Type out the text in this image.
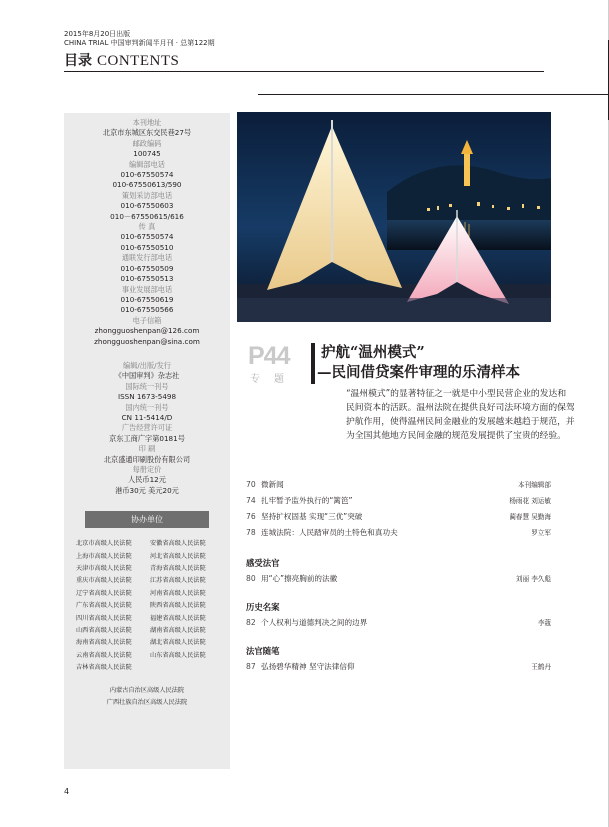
2015年8月20日出版
CHINA TRIAL 中国审判新闻半月刊 · 总第122期
目录 CONTENTS
本刊地址
北京市东城区东交民巷27号
邮政编码
100745
编辑部电话
010-67550574
010-67550613/590
策划采访部电话
010-67550603
010－67550615/616
传 真
010-67550574
010-67550510
通联发行部电话
010-67550509
010-67550513
事业发展部电话
010-67550619
010-67550566
电子信箱
zhongguoshenpan@126.com
zhongguoshenpan@sina.com
编辑/出版/发行
《中国审判》杂志社
国际统一刊号
ISSN 1673-5498
国内统一刊号
CN 11-5414/D
广告经营许可证
京东工商广字第0181号
印 刷
北京盛通印刷股份有限公司
每册定价
人民币12元
港币30元 美元20元
协办单位
北京市高级人民法院	安徽省高级人民法院
上海市高级人民法院	河北省高级人民法院
天津市高级人民法院	青海省高级人民法院
重庆市高级人民法院	江苏省高级人民法院
辽宁省高级人民法院	河南省高级人民法院
广东省高级人民法院	陕西省高级人民法院
四川省高级人民法院	福建省高级人民法院
山西省高级人民法院	湖南省高级人民法院
海南省高级人民法院	湖北省高级人民法院
云南省高级人民法院	山东省高级人民法院
吉林省高级人民法院
内蒙古自治区高级人民法院
广西壮族自治区高级人民法院
P44
专题
护航“温州模式”
—民间借贷案件审理的乐清样本
“温州模式”的显著特征之一就是中小型民营企业的发达和
民间资本的活跃。温州法院在提供良好司法环境方面的保驾
护航作用，使得温州民间金融业的发展越来越趋于规范，并
为全国其他地方民间金融的规范发展提供了宝贵的经验。
70 微新闻	本刊编辑部
74 扎牢暂予监外执行的“篱笆”	杨雨花 刘运敏
76 坚持扩权固基 实现“三优”突破	蔺春慧 吴勤海
78 连城法院：人民踏审员的土特色和真功夫	罗立军
感受法官
80 用“心”擦亮胸前的法徽	刘丽 李久彪
历史名案
82 个人权利与道德判决之间的边界	李蔻
法官随笔
87 弘扬碧华精神 坚守法律信仰	王鹤丹
4
